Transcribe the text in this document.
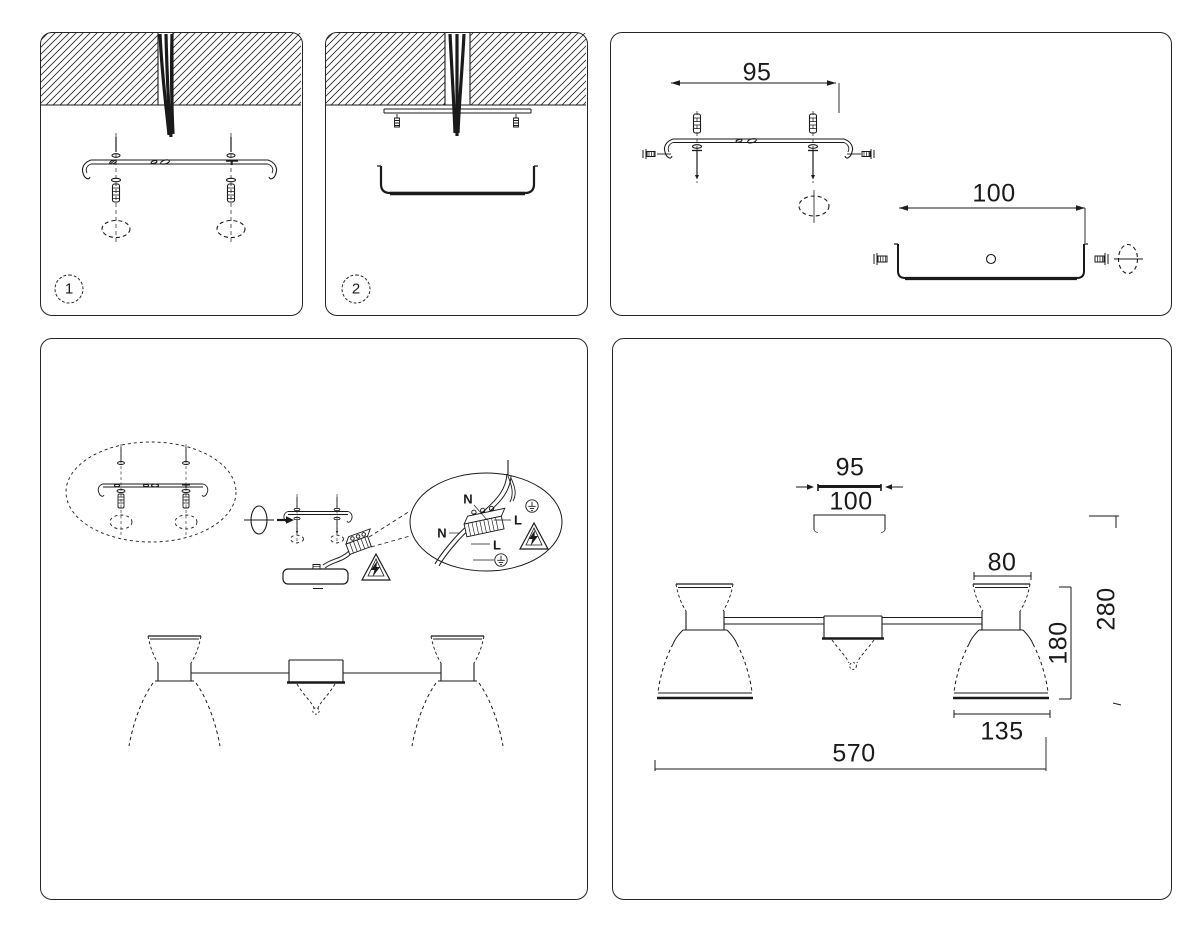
1	2
95
100
N
L
N
L
95
100
80
180
280
135
570
